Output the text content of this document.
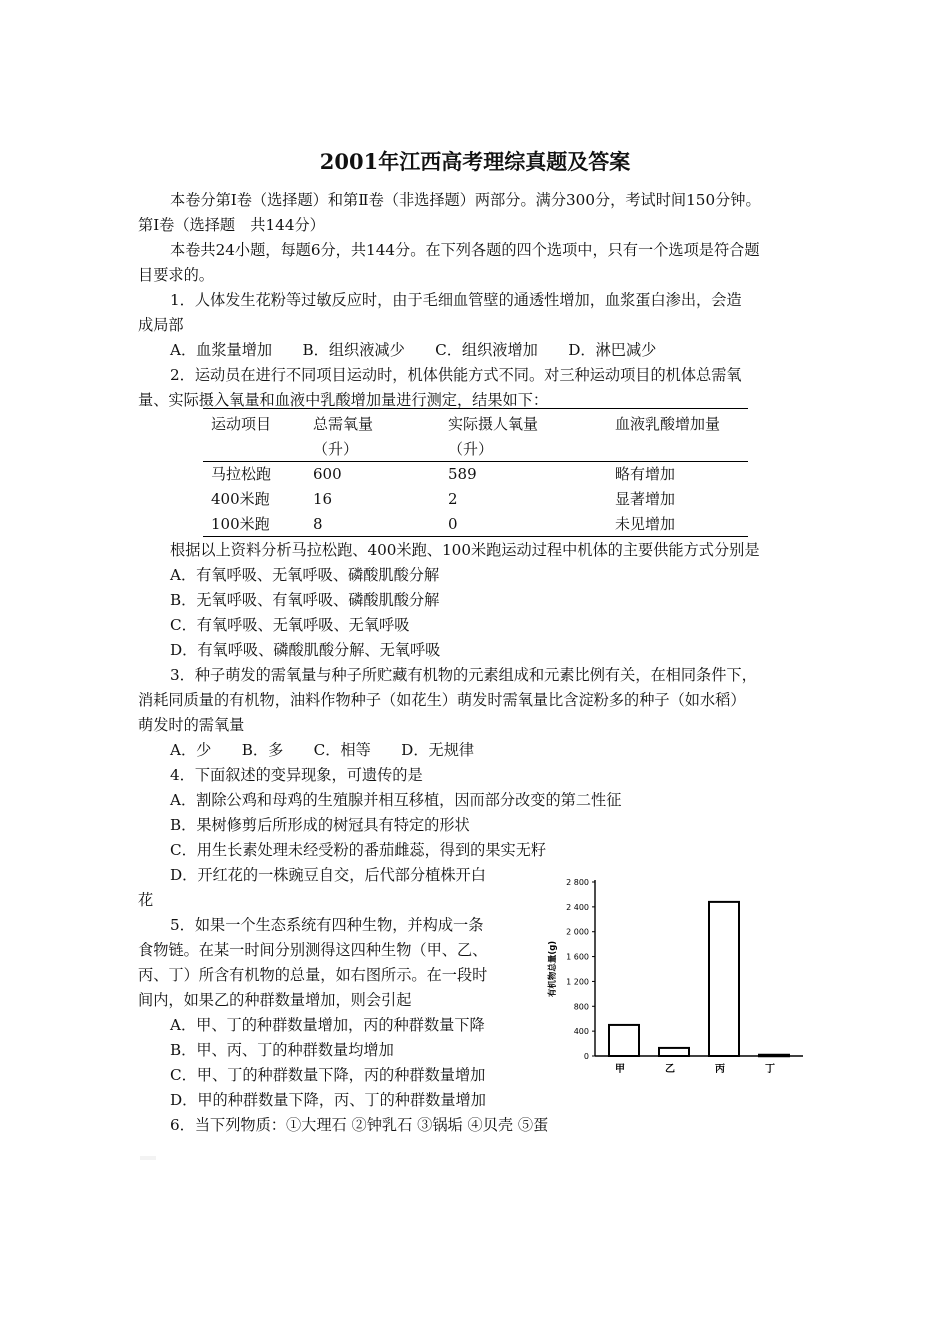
2001年江西高考理综真题及答案
本卷分第Ⅰ卷（选择题）和第Ⅱ卷（非选择题）两部分。满分300分，考试时间150分钟。
第Ⅰ卷（选择题　共144分）
本卷共24小题，每题6分，共144分。在下列各题的四个选项中，只有一个选项是符合题
目要求的。
1．人体发生花粉等过敏反应时，由于毛细血管壁的通透性增加，血浆蛋白渗出，会造
成局部
A．血浆量增加　　B．组织液减少　　C．组织液增加　　D．淋巴减少
2．运动员在进行不同项目运动时，机体供能方式不同。对三种运动项目的机体总需氧
量、实际摄入氧量和血液中乳酸增加量进行测定，结果如下：
运动项目	总需氧量	实际摄人氧量	血液乳酸增加量
	（升）	（升）	
马拉松跑	600	589	略有增加
400米跑	16	2	显著增加
100米跑	8	0	未见增加
根据以上资料分析马拉松跑、400米跑、100米跑运动过程中机体的主要供能方式分别是
A．有氧呼吸、无氧呼吸、磷酸肌酸分解
B．无氧呼吸、有氧呼吸、磷酸肌酸分解
C．有氧呼吸、无氧呼吸、无氧呼吸
D．有氧呼吸、磷酸肌酸分解、无氧呼吸
3．种子萌发的需氧量与种子所贮藏有机物的元素组成和元素比例有关，在相同条件下，
消耗同质量的有机物，油料作物种子（如花生）萌发时需氧量比含淀粉多的种子（如水稻）
萌发时的需氧量
A．少　　B．多　　C．相等　　D．无规律
4．下面叙述的变异现象，可遗传的是
A．割除公鸡和母鸡的生殖腺并相互移植，因而部分改变的第二性征
B．果树修剪后所形成的树冠具有特定的形状
C．用生长素处理未经受粉的番茄雌蕊，得到的果实无籽
D．开红花的一株豌豆自交，后代部分植株开白
花
5．如果一个生态系统有四种生物，并构成一条
食物链。在某一时间分别测得这四种生物（甲、乙、
丙、丁）所含有机物的总量，如右图所示。在一段时
间内，如果乙的种群数量增加，则会引起
A．甲、丁的种群数量增加，丙的种群数量下降
B．甲、丙、丁的种群数量均增加
C．甲、丁的种群数量下降，丙的种群数量增加
D．甲的种群数量下降，丙、丁的种群数量增加
6．当下列物质：①大理石 ②钟乳石 ③锅垢 ④贝壳 ⑤蛋
0
400
800
1 200
1 600
2 000
2 400
2 800
有机物总量(g)
甲	乙	丙	丁
